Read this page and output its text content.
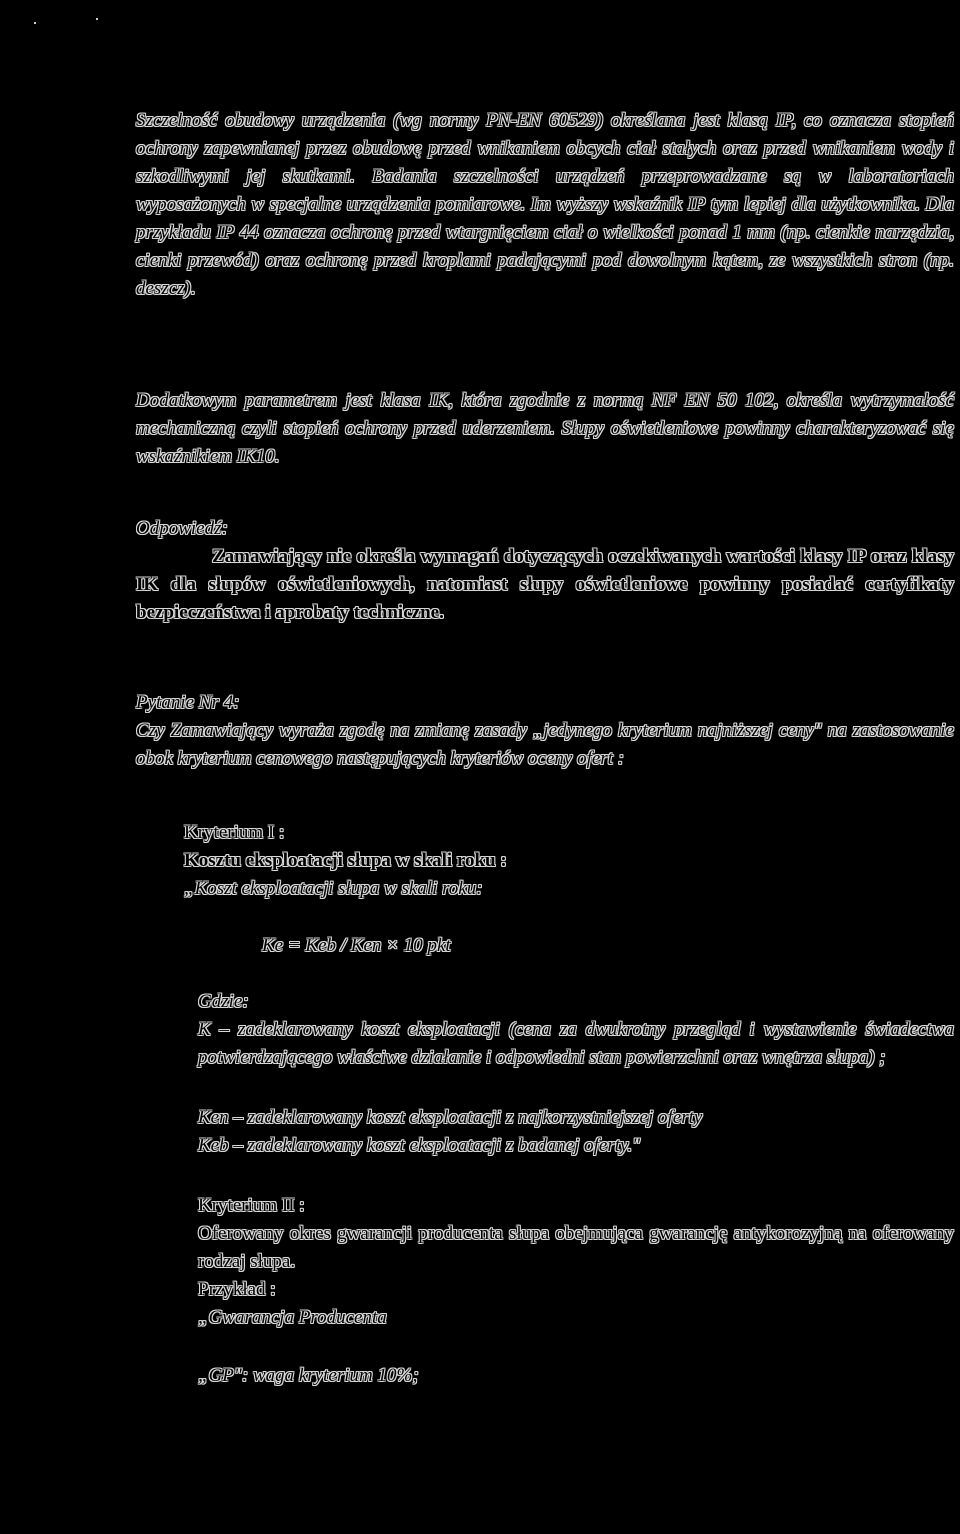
Szczelność obudowy urządzenia (wg normy PN-EN 60529) określana jest klasą IP, co oznacza stopień ochrony zapewnianej przez obudowę przed wnikaniem obcych ciał stałych oraz przed wnikaniem wody i szkodliwymi jej skutkami. Badania szczelności urządzeń przeprowadzane są w laboratoriach wyposażonych w specjalne urządzenia pomiarowe. Im wyższy wskaźnik IP tym lepiej dla użytkownika. Dla przykładu IP 44 oznacza ochronę przed wtargnięciem ciał o wielkości ponad 1 mm (np. cienkie narzędzia, cienki przewód) oraz ochronę przed kroplami padającymi pod dowolnym kątem, ze wszystkich stron (np. deszcz).
Dodatkowym parametrem jest klasa IK, która zgodnie z normą NF EN 50 102, określa wytrzymałość mechaniczną czyli stopień ochrony przed uderzeniem. Słupy oświetleniowe powinny charakteryzować się wskaźnikiem IK10.
Odpowiedź:
Zamawiający nie określa wymagań dotyczących oczekiwanych wartości klasy IP oraz klasy IK dla słupów oświetleniowych, natomiast słupy oświetleniowe powinny posiadać certyfikaty bezpieczeństwa i aprobaty techniczne.
Pytanie Nr 4:
Czy Zamawiający wyraża zgodę na zmianę zasady „jedynego kryterium najniższej ceny" na zastosowanie obok kryterium cenowego następujących kryteriów oceny ofert :
Kryterium I :
Kosztu eksploatacji słupa w skali roku :
„Koszt eksploatacji słupa w skali roku:
Ke = Keb / Ken × 10 pkt
Gdzie:
K – zadeklarowany koszt eksploatacji (cena za dwukrotny przegląd i wystawienie świadectwa potwierdzającego właściwe działanie i odpowiedni stan powierzchni oraz wnętrza słupa) ;
Ken – zadeklarowany koszt eksploatacji z najkorzystniejszej oferty
Keb – zadeklarowany koszt eksploatacji z badanej oferty."
Kryterium II :
Oferowany okres gwarancji producenta słupa obejmująca gwarancję antykorozyjną na oferowany rodzaj słupa.
Przykład :
„Gwarancja Producenta
„GP": waga kryterium 10%;
